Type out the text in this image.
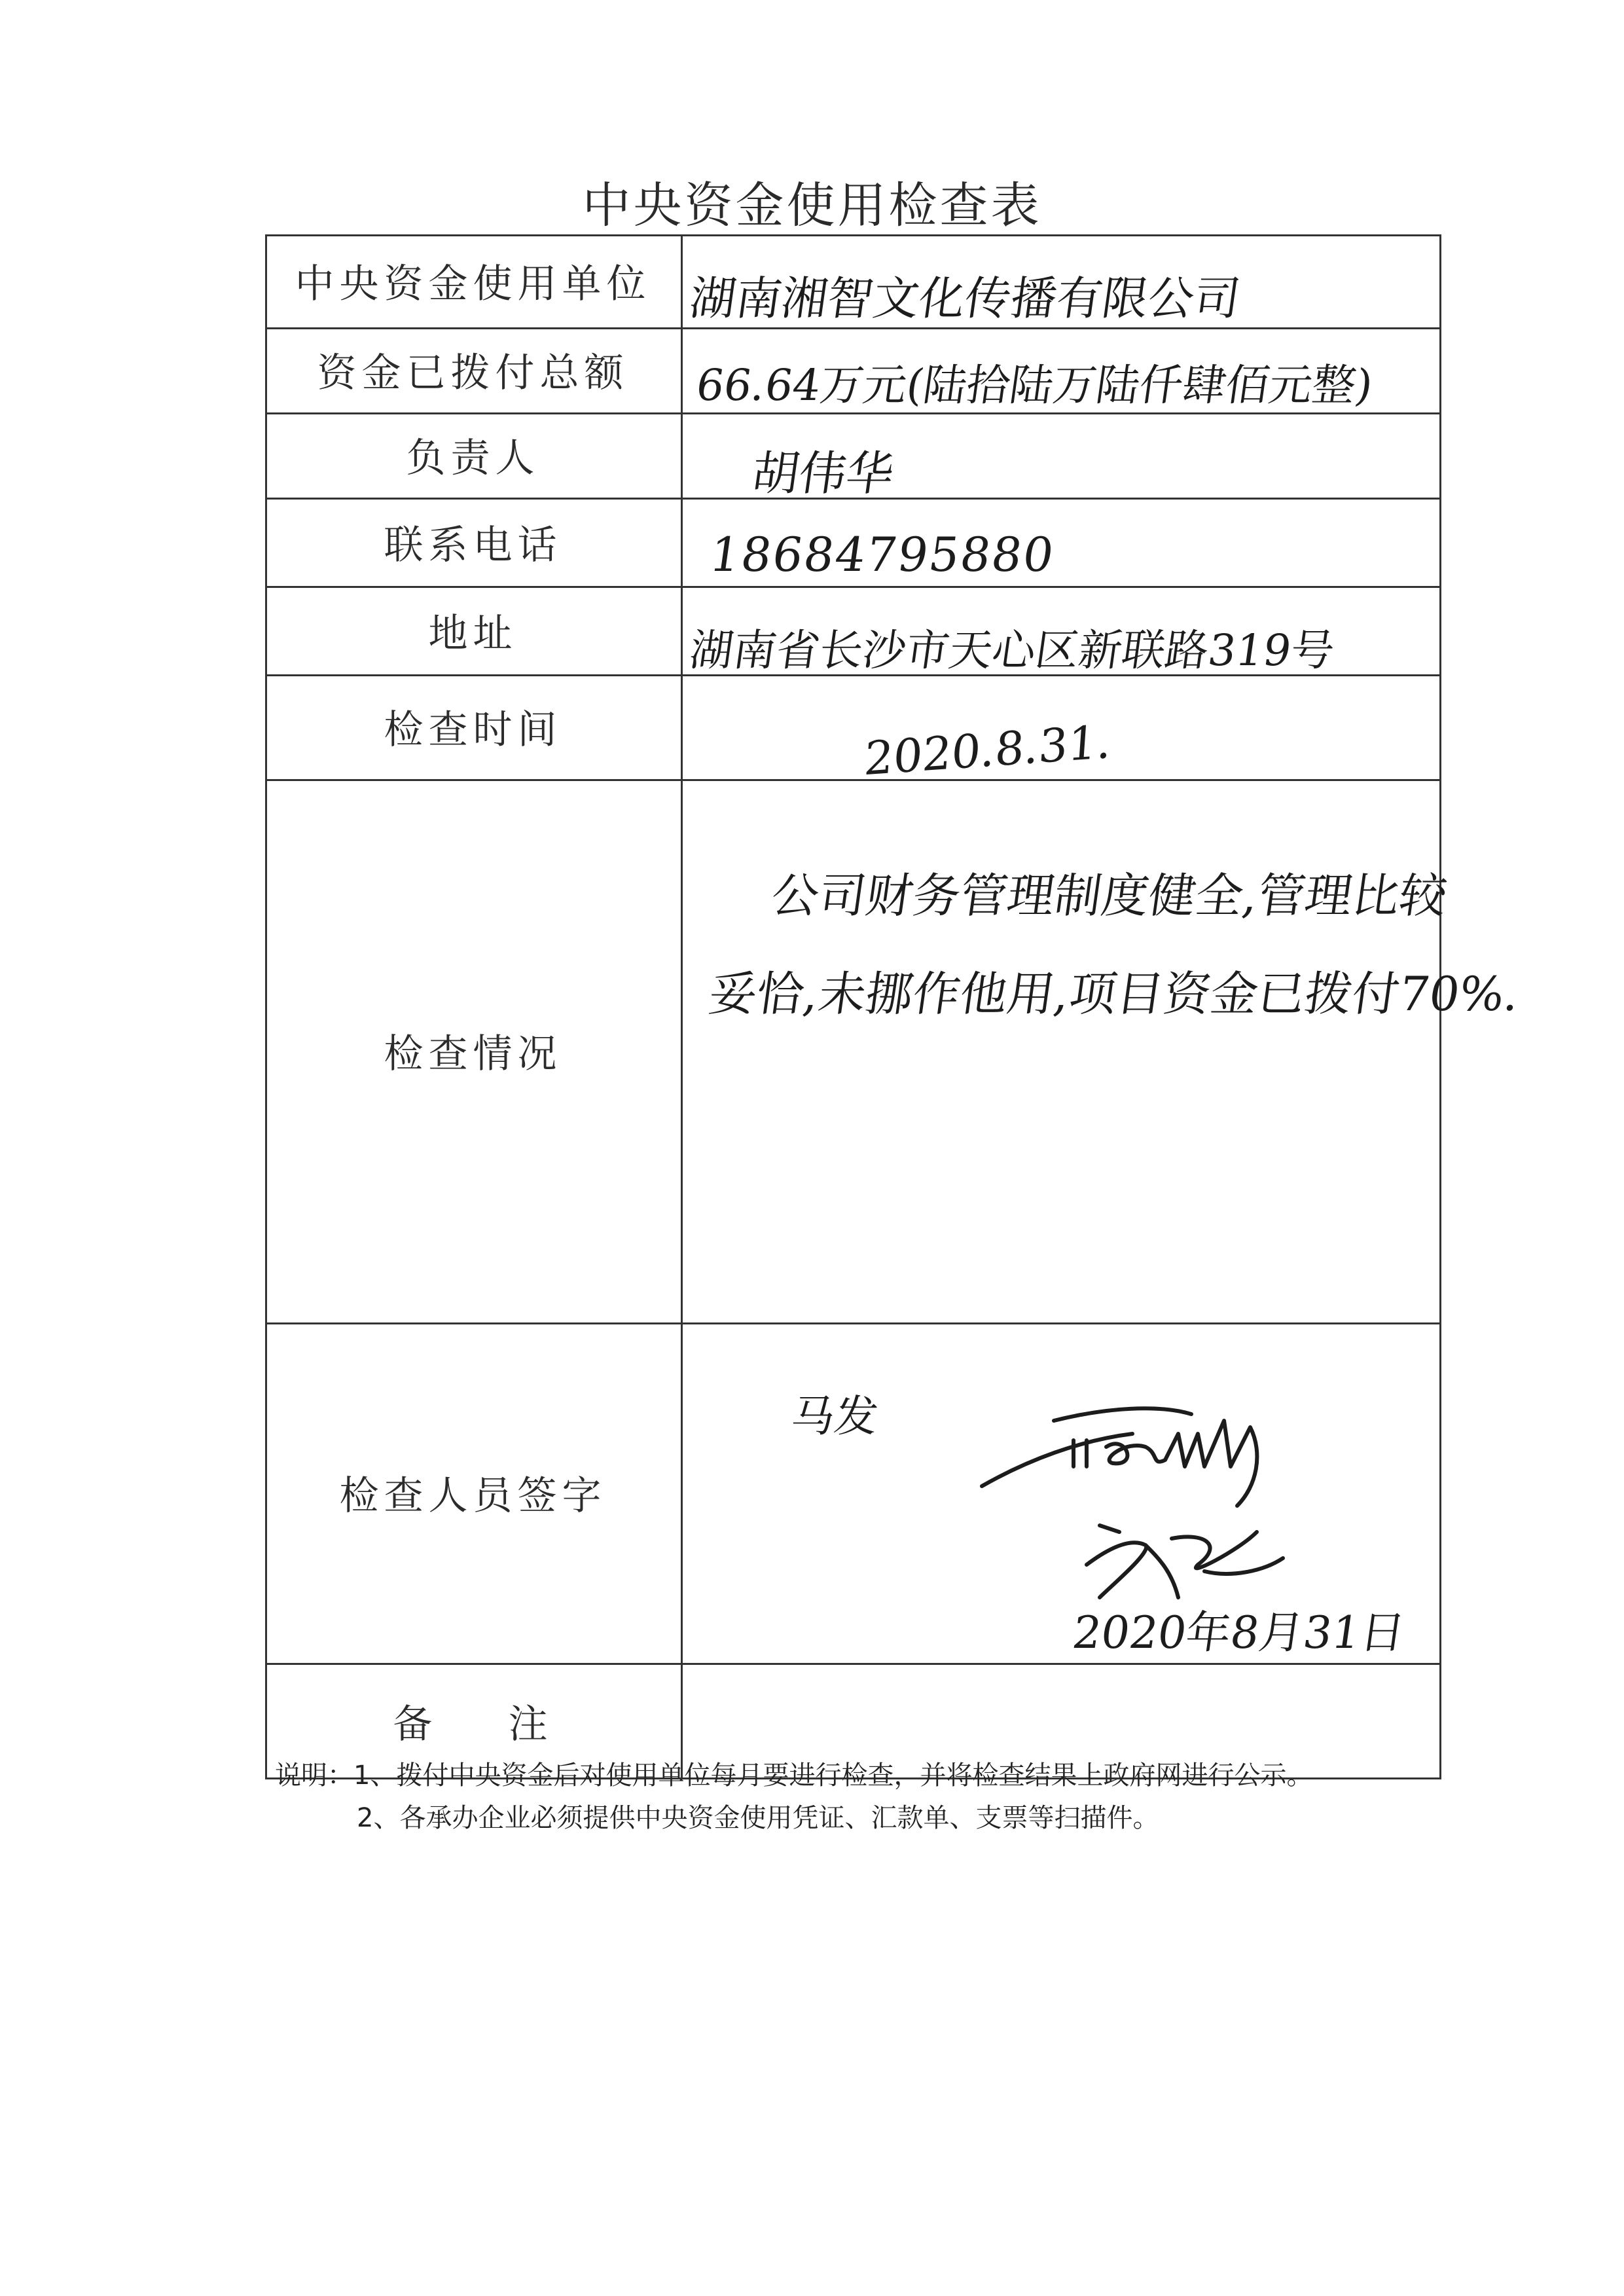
中央资金使用检查表
中央资金使用单位
资金已拨付总额
负责人
联系电话
地址
检查时间
检查情况
检查人员签字
备    注
湖南湘智文化传播有限公司
66.64万元(陆拾陆万陆仟肆佰元整)
胡伟华
18684795880
湖南省长沙市天心区新联路319号
2020.8.31.
公司财务管理制度健全,管理比较
妥恰,未挪作他用,项目资金已拨付70%.
马发
2020年8月31日
说明：1、拨付中央资金后对使用单位每月要进行检查，并将检查结果上政府网进行公示。
2、各承办企业必须提供中央资金使用凭证、汇款单、支票等扫描件。
